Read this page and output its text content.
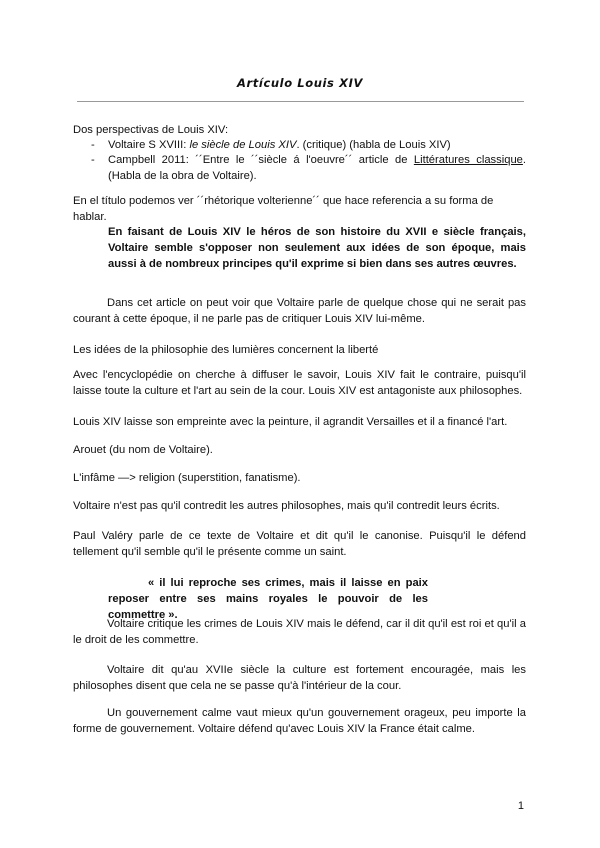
Artículo Louis XIV
Dos perspectivas de Louis XIV:
- Voltaire S XVIII: le siècle de Louis XIV. (critique) (habla de Louis XIV)
- Campbell 2011: ´´Entre le ´´siècle á l'oeuvre´´ article de Littératures classique. (Habla de la obra de Voltaire).
En el título podemos ver ´´rhétorique volterienne´´ que hace referencia a su forma de hablar.
En faisant de Louis XIV le héros de son histoire du XVII e siècle français, Voltaire semble s'opposer non seulement aux idées de son époque, mais aussi à de nombreux principes qu'il exprime si bien dans ses autres œuvres.
Dans cet article on peut voir que Voltaire parle de quelque chose qui ne serait pas courant à cette époque, il ne parle pas de critiquer Louis XIV lui-même.
Les idées de la philosophie des lumières concernent la liberté
Avec l'encyclopédie on cherche à diffuser le savoir, Louis XIV fait le contraire, puisqu'il laisse toute la culture et l'art au sein de la cour. Louis XIV est antagoniste aux philosophes.
Louis XIV laisse son empreinte avec la peinture, il agrandit Versailles et il a financé l'art.
Arouet (du nom de Voltaire).
L'infâme —> religion (superstition, fanatisme).
Voltaire n'est pas qu'il contredit les autres philosophes, mais qu'il contredit leurs écrits.
Paul Valéry parle de ce texte de Voltaire et dit qu'il le canonise. Puisqu'il le défend tellement qu'il semble qu'il le présente comme un saint.
« il lui reproche ses crimes, mais il laisse en paix reposer entre ses mains royales le pouvoir de les commettre ».
Voltaire critique les crimes de Louis XIV mais le défend, car il dit qu'il est roi et qu'il a le droit de les commettre.
Voltaire dit qu'au XVIIe siècle la culture est fortement encouragée, mais les philosophes disent que cela ne se passe qu'à l'intérieur de la cour.
Un gouvernement calme vaut mieux qu'un gouvernement orageux, peu importe la forme de gouvernement. Voltaire défend qu'avec Louis XIV la France était calme.
1
